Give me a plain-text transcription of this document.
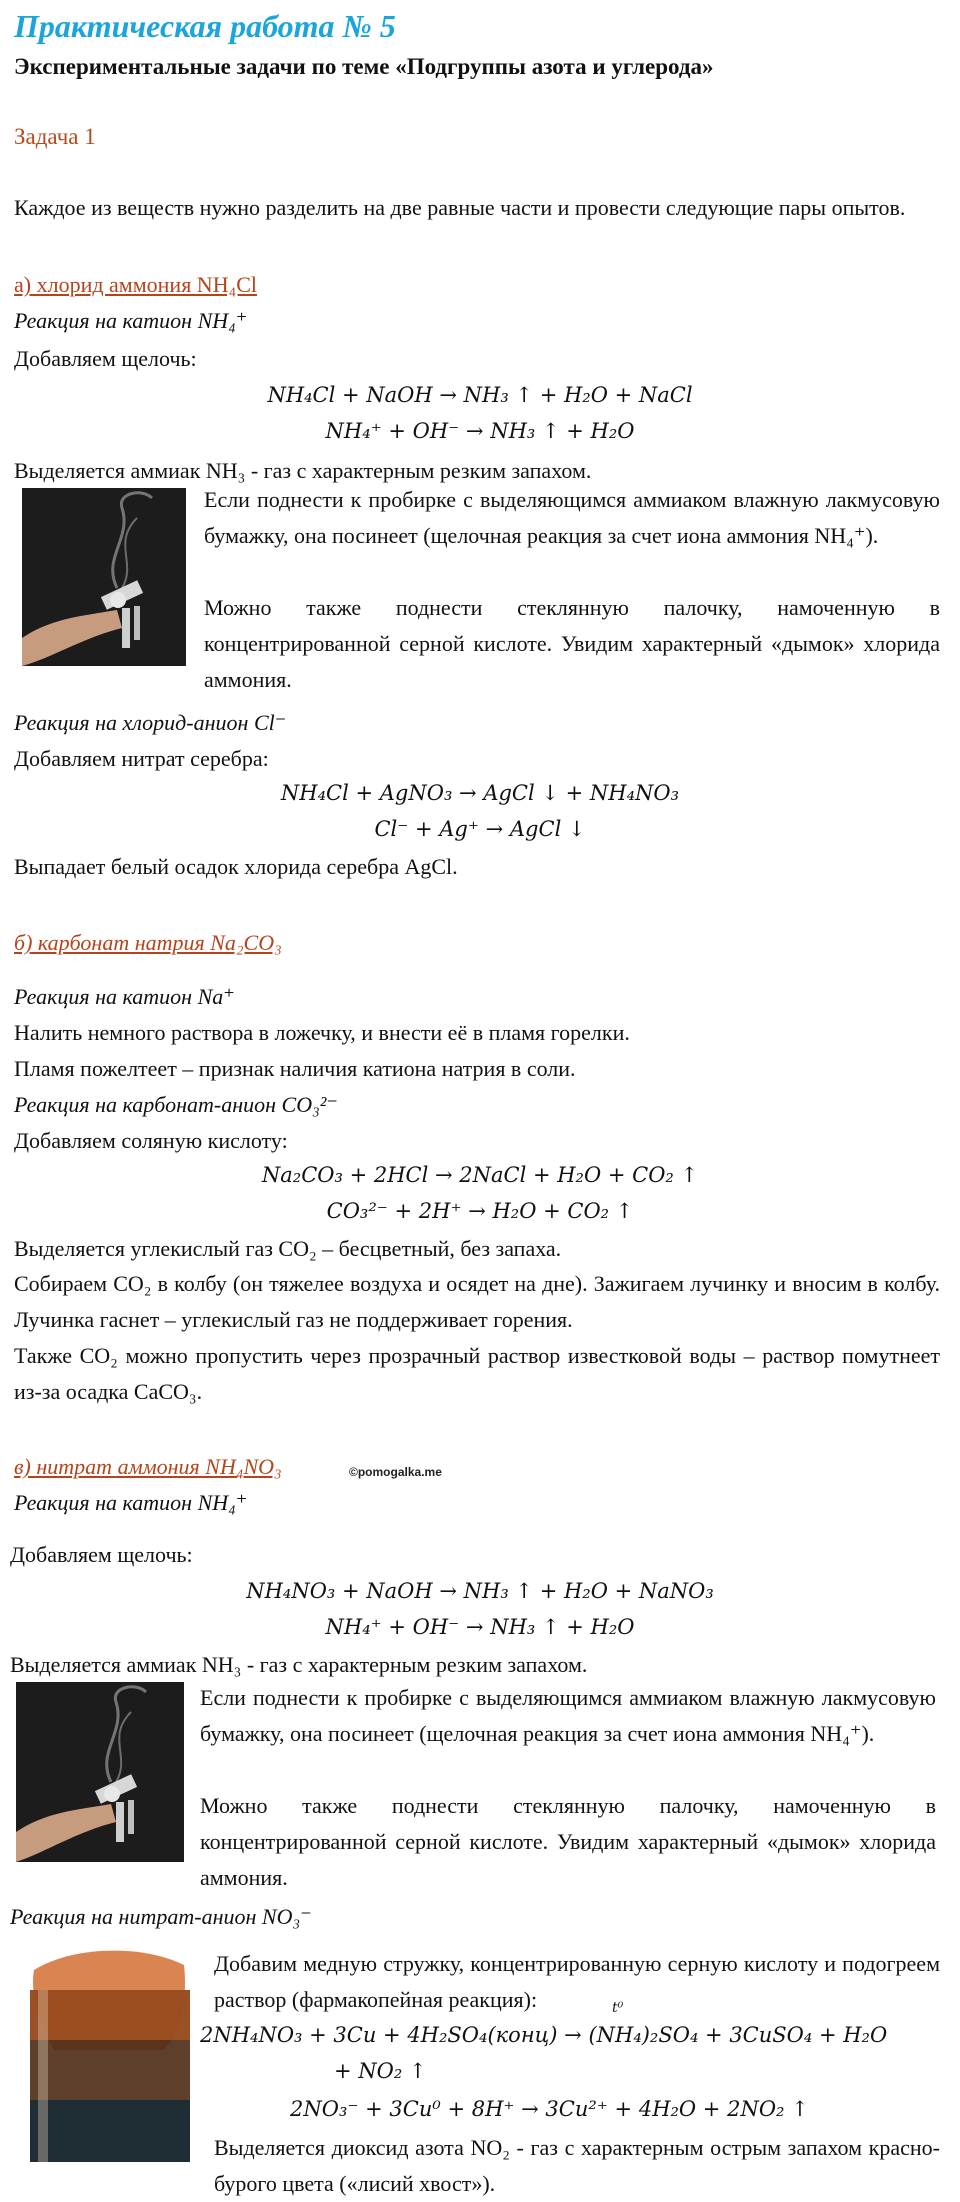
Практическая работа № 5
Экспериментальные задачи по теме «Подгруппы азота и углерода»
Задача 1
Каждое из веществ нужно разделить на две равные части и провести следующие пары опытов.
а) хлорид аммония NH₄Cl
Реакция на катион NH₄⁺
Добавляем щелочь:
NH₄Cl + NaOH → NH₃ ↑ + H₂O + NaCl
NH₄⁺ + OH⁻ → NH₃ ↑ + H₂O
Выделяется аммиак NH₃ - газ с характерным резким запахом.
Если поднести к пробирке с выделяющимся аммиаком влажную лакмусовую бумажку, она посинеет (щелочная реакция за счет иона аммония NH₄⁺).
Можно также поднести стеклянную палочку, намоченную в концентрированной серной кислоте. Увидим характерный «дымок» хлорида аммония.
Реакция на хлорид-анион Cl⁻
Добавляем нитрат серебра:
NH₄Cl + AgNO₃ → AgCl ↓ + NH₄NO₃
Cl⁻ + Ag⁺ → AgCl ↓
Выпадает белый осадок хлорида серебра AgCl.
б) карбонат натрия Na₂CO₃
Реакция на катион Na⁺
Налить немного раствора в ложечку, и внести её в пламя горелки.
Пламя пожелтеет – признак наличия катиона натрия в соли.
Реакция на карбонат-анион CO₃²⁻
Добавляем соляную кислоту:
Na₂CO₃ + 2HCl → 2NaCl + H₂O + CO₂ ↑
CO₃²⁻ + 2H⁺ → H₂O + CO₂ ↑
Выделяется углекислый газ CO₂ – бесцветный, без запаха.
Собираем CO₂ в колбу (он тяжелее воздуха и осядет на дне). Зажигаем лучинку и вносим в колбу. Лучинка гаснет – углекислый газ не поддерживает горения.
Также CO₂ можно пропустить через прозрачный раствор известковой воды – раствор помутнеет из-за осадка CaCO₃.
в) нитрат аммония NH₄NO₃	©pomogalka.me
Реакция на катион NH₄⁺
Добавляем щелочь:
NH₄NO₃ + NaOH → NH₃ ↑ + H₂O + NaNO₃
NH₄⁺ + OH⁻ → NH₃ ↑ + H₂O
Выделяется аммиак NH₃ - газ с характерным резким запахом.
Если поднести к пробирке с выделяющимся аммиаком влажную лакмусовую бумажку, она посинеет (щелочная реакция за счет иона аммония NH₄⁺).
Можно также поднести стеклянную палочку, намоченную в концентрированной серной кислоте. Увидим характерный «дымок» хлорида аммония.
Реакция на нитрат-анион NO₃⁻
Добавим медную стружку, концентрированную серную кислоту и подогреем раствор (фармакопейная реакция):	t⁰
2NH₄NO₃ + 3Cu + 4H₂SO₄(конц) → (NH₄)₂SO₄ + 3CuSO₄ + H₂O
+ NO₂ ↑
2NO₃⁻ + 3Cu⁰ + 8H⁺ → 3Cu²⁺ + 4H₂O + 2NO₂ ↑
Выделяется диоксид азота NO₂ - газ с характерным острым запахом красно-бурого цвета («лисий хвост»).
